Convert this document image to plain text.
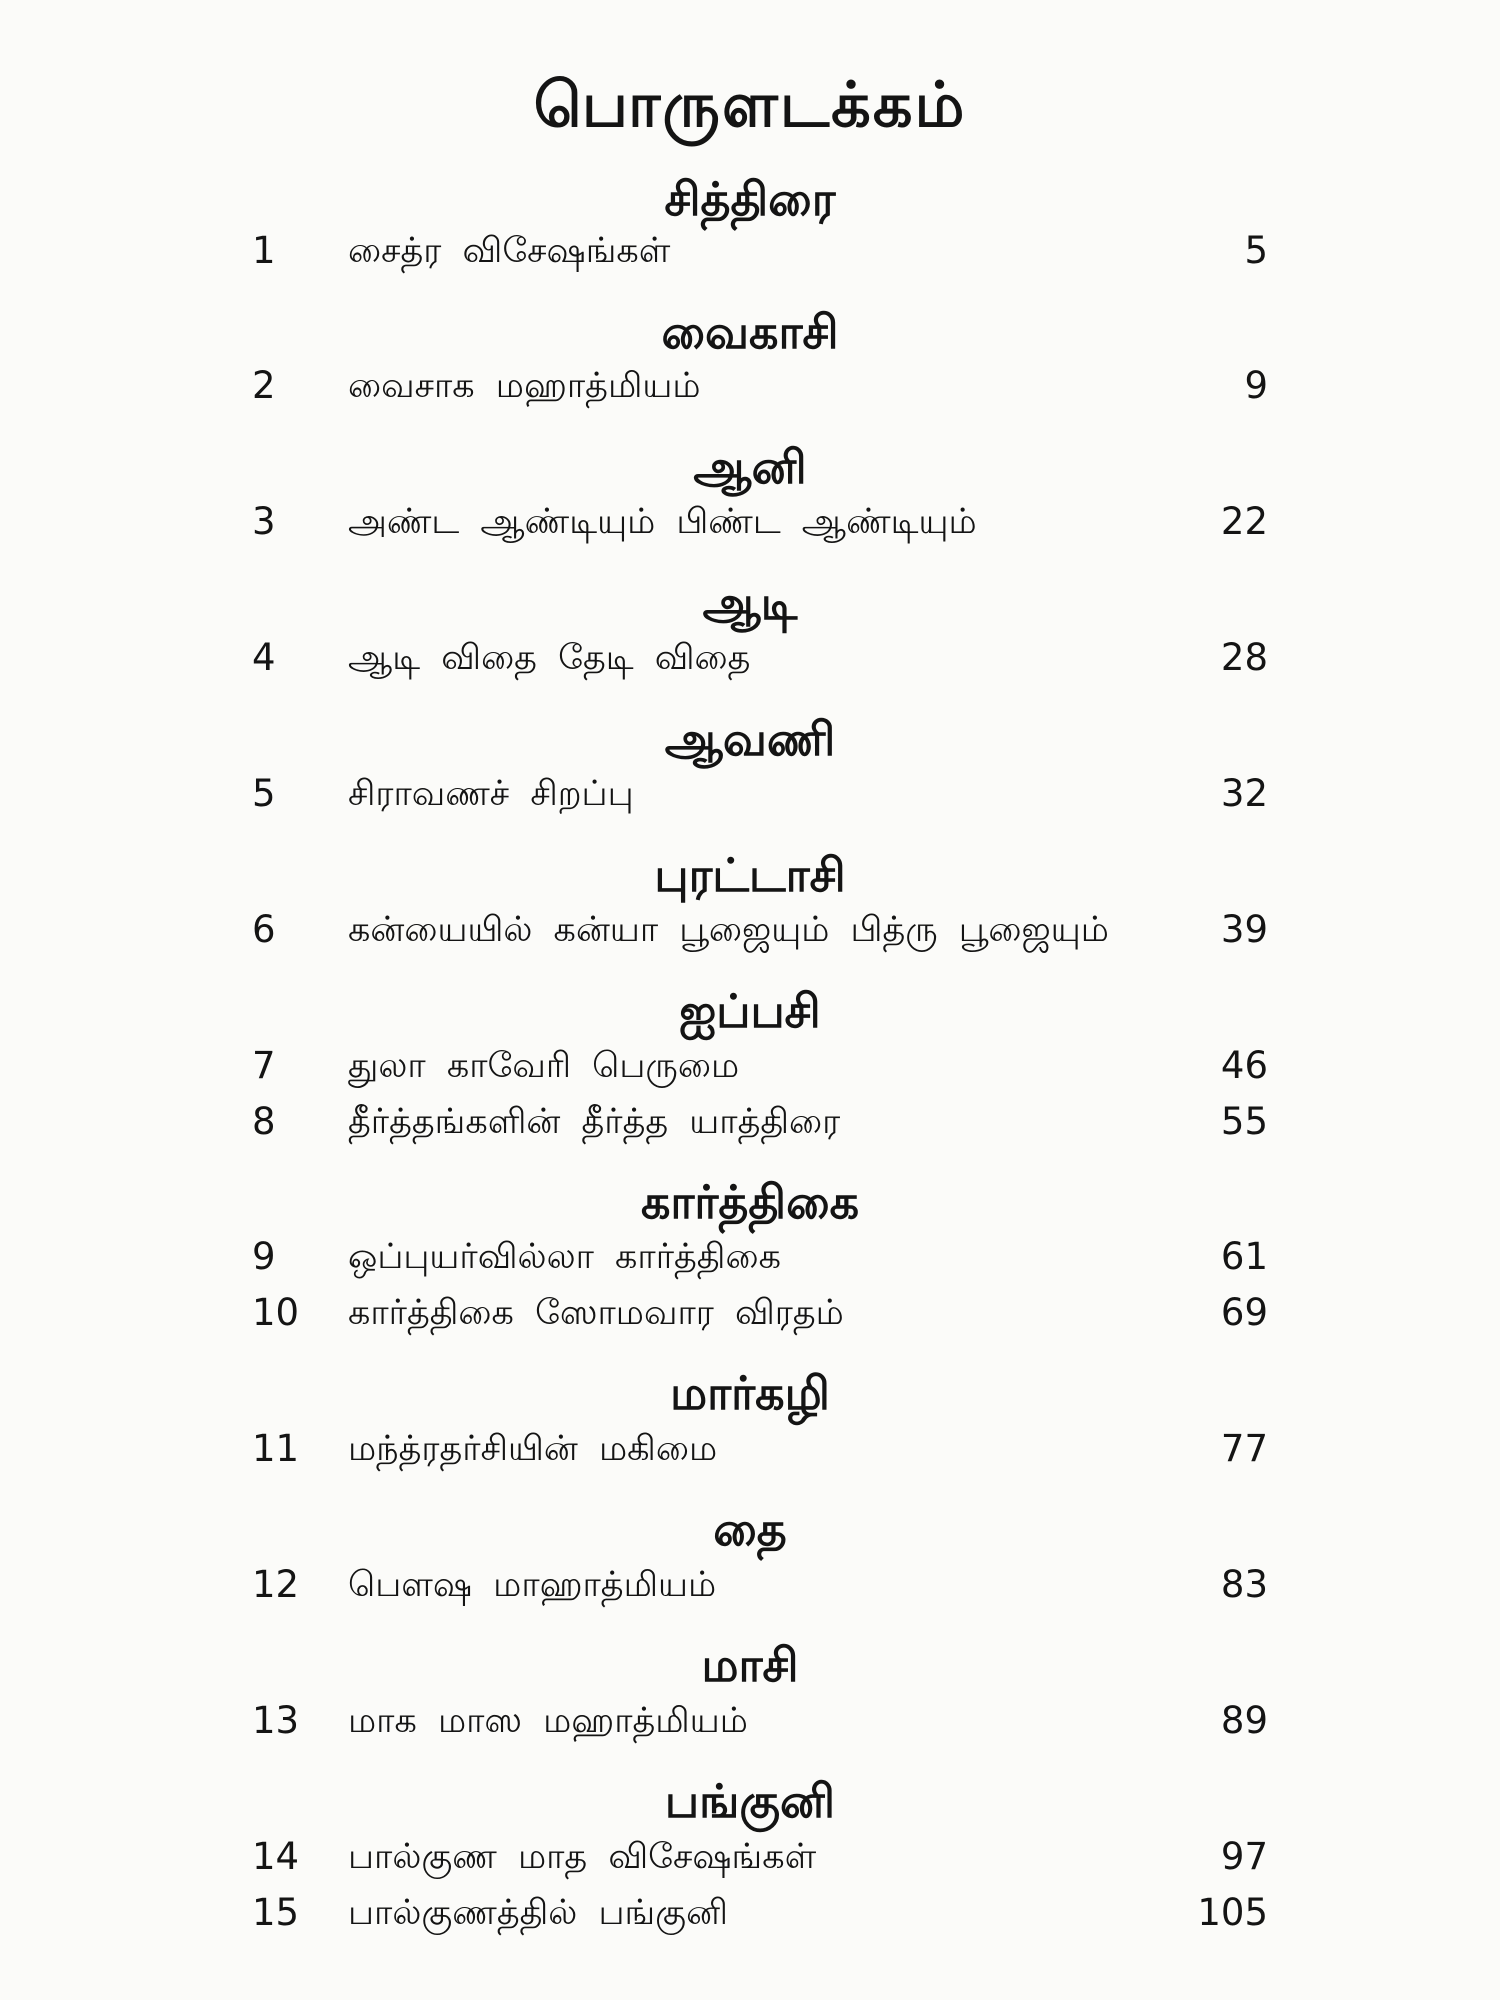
பொருளடக்கம்
சித்திரை
1 சைத்ர விசேஷங்கள்	5
வைகாசி
2 வைசாக மஹாத்மியம்	9
ஆனி
3 அண்ட ஆண்டியும் பிண்ட ஆண்டியும்	22
ஆடி
4 ஆடி விதை தேடி விதை	28
ஆவணி
5 சிராவணச் சிறப்பு	32
புரட்டாசி
6 கன்யையில் கன்யா பூஜையும் பித்ரு பூஜையும்	39
ஐப்பசி
7 துலா காவேரி பெருமை	46
8 தீர்த்தங்களின் தீர்த்த யாத்திரை	55
கார்த்திகை
9 ஒப்புயர்வில்லா கார்த்திகை	61
10 கார்த்திகை ஸோமவார விரதம்	69
மார்கழி
11 மந்த்ரதர்சியின் மகிமை	77
தை
12 பௌஷ மாஹாத்மியம்	83
மாசி
13 மாக மாஸ மஹாத்மியம்	89
பங்குனி
14 பால்குண மாத விசேஷங்கள்	97
15 பால்குணத்தில் பங்குனி	105
